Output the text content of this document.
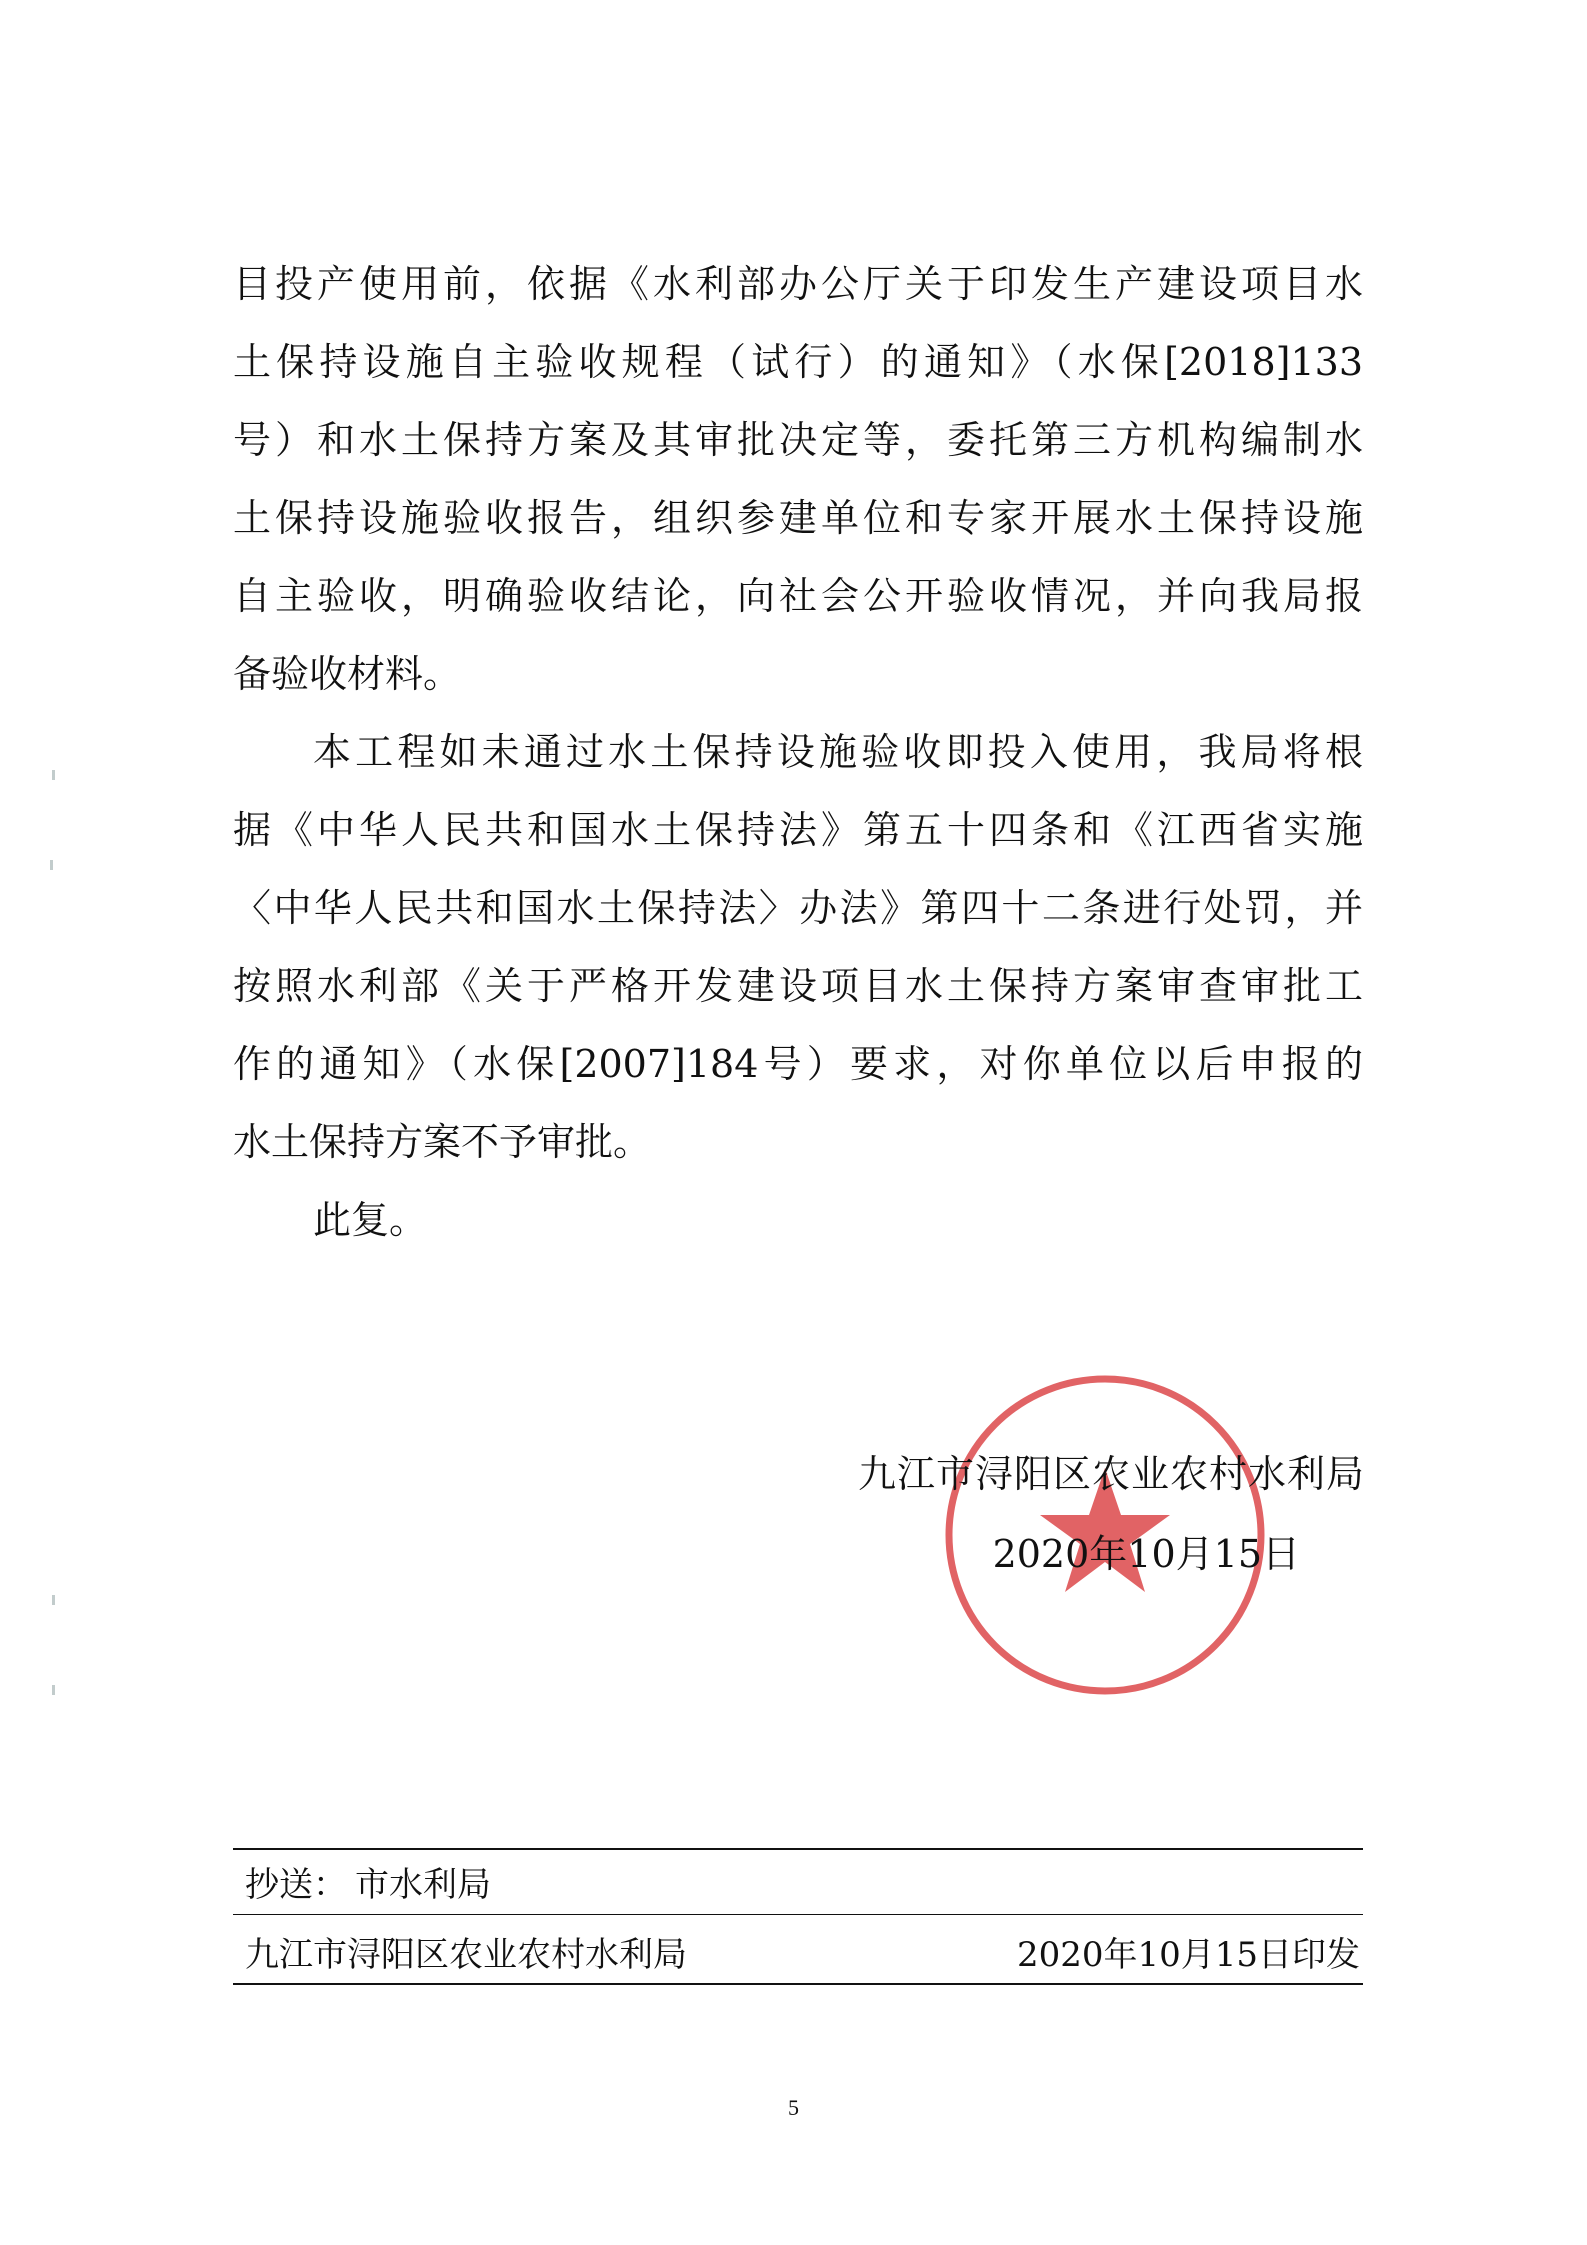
目投产使用前，依据《水利部办公厅关于印发生产建设项目水
土保持设施自主验收规程（试行）的通知》（水保[2018]133
号）和水土保持方案及其审批决定等，委托第三方机构编制水
土保持设施验收报告，组织参建单位和专家开展水土保持设施
自主验收，明确验收结论，向社会公开验收情况，并向我局报
备验收材料。
本工程如未通过水土保持设施验收即投入使用，我局将根
据《中华人民共和国水土保持法》第五十四条和《江西省实施
〈中华人民共和国水土保持法〉办法》第四十二条进行处罚，并
按照水利部《关于严格开发建设项目水土保持方案审查审批工
作的通知》（水保[2007]184号）要求，对你单位以后申报的
水土保持方案不予审批。
此复。
九江市浔阳区农业农村水利局
2020年10月15日
抄送： 市水利局
九江市浔阳区农业农村水利局	2020年10月15日印发
5
